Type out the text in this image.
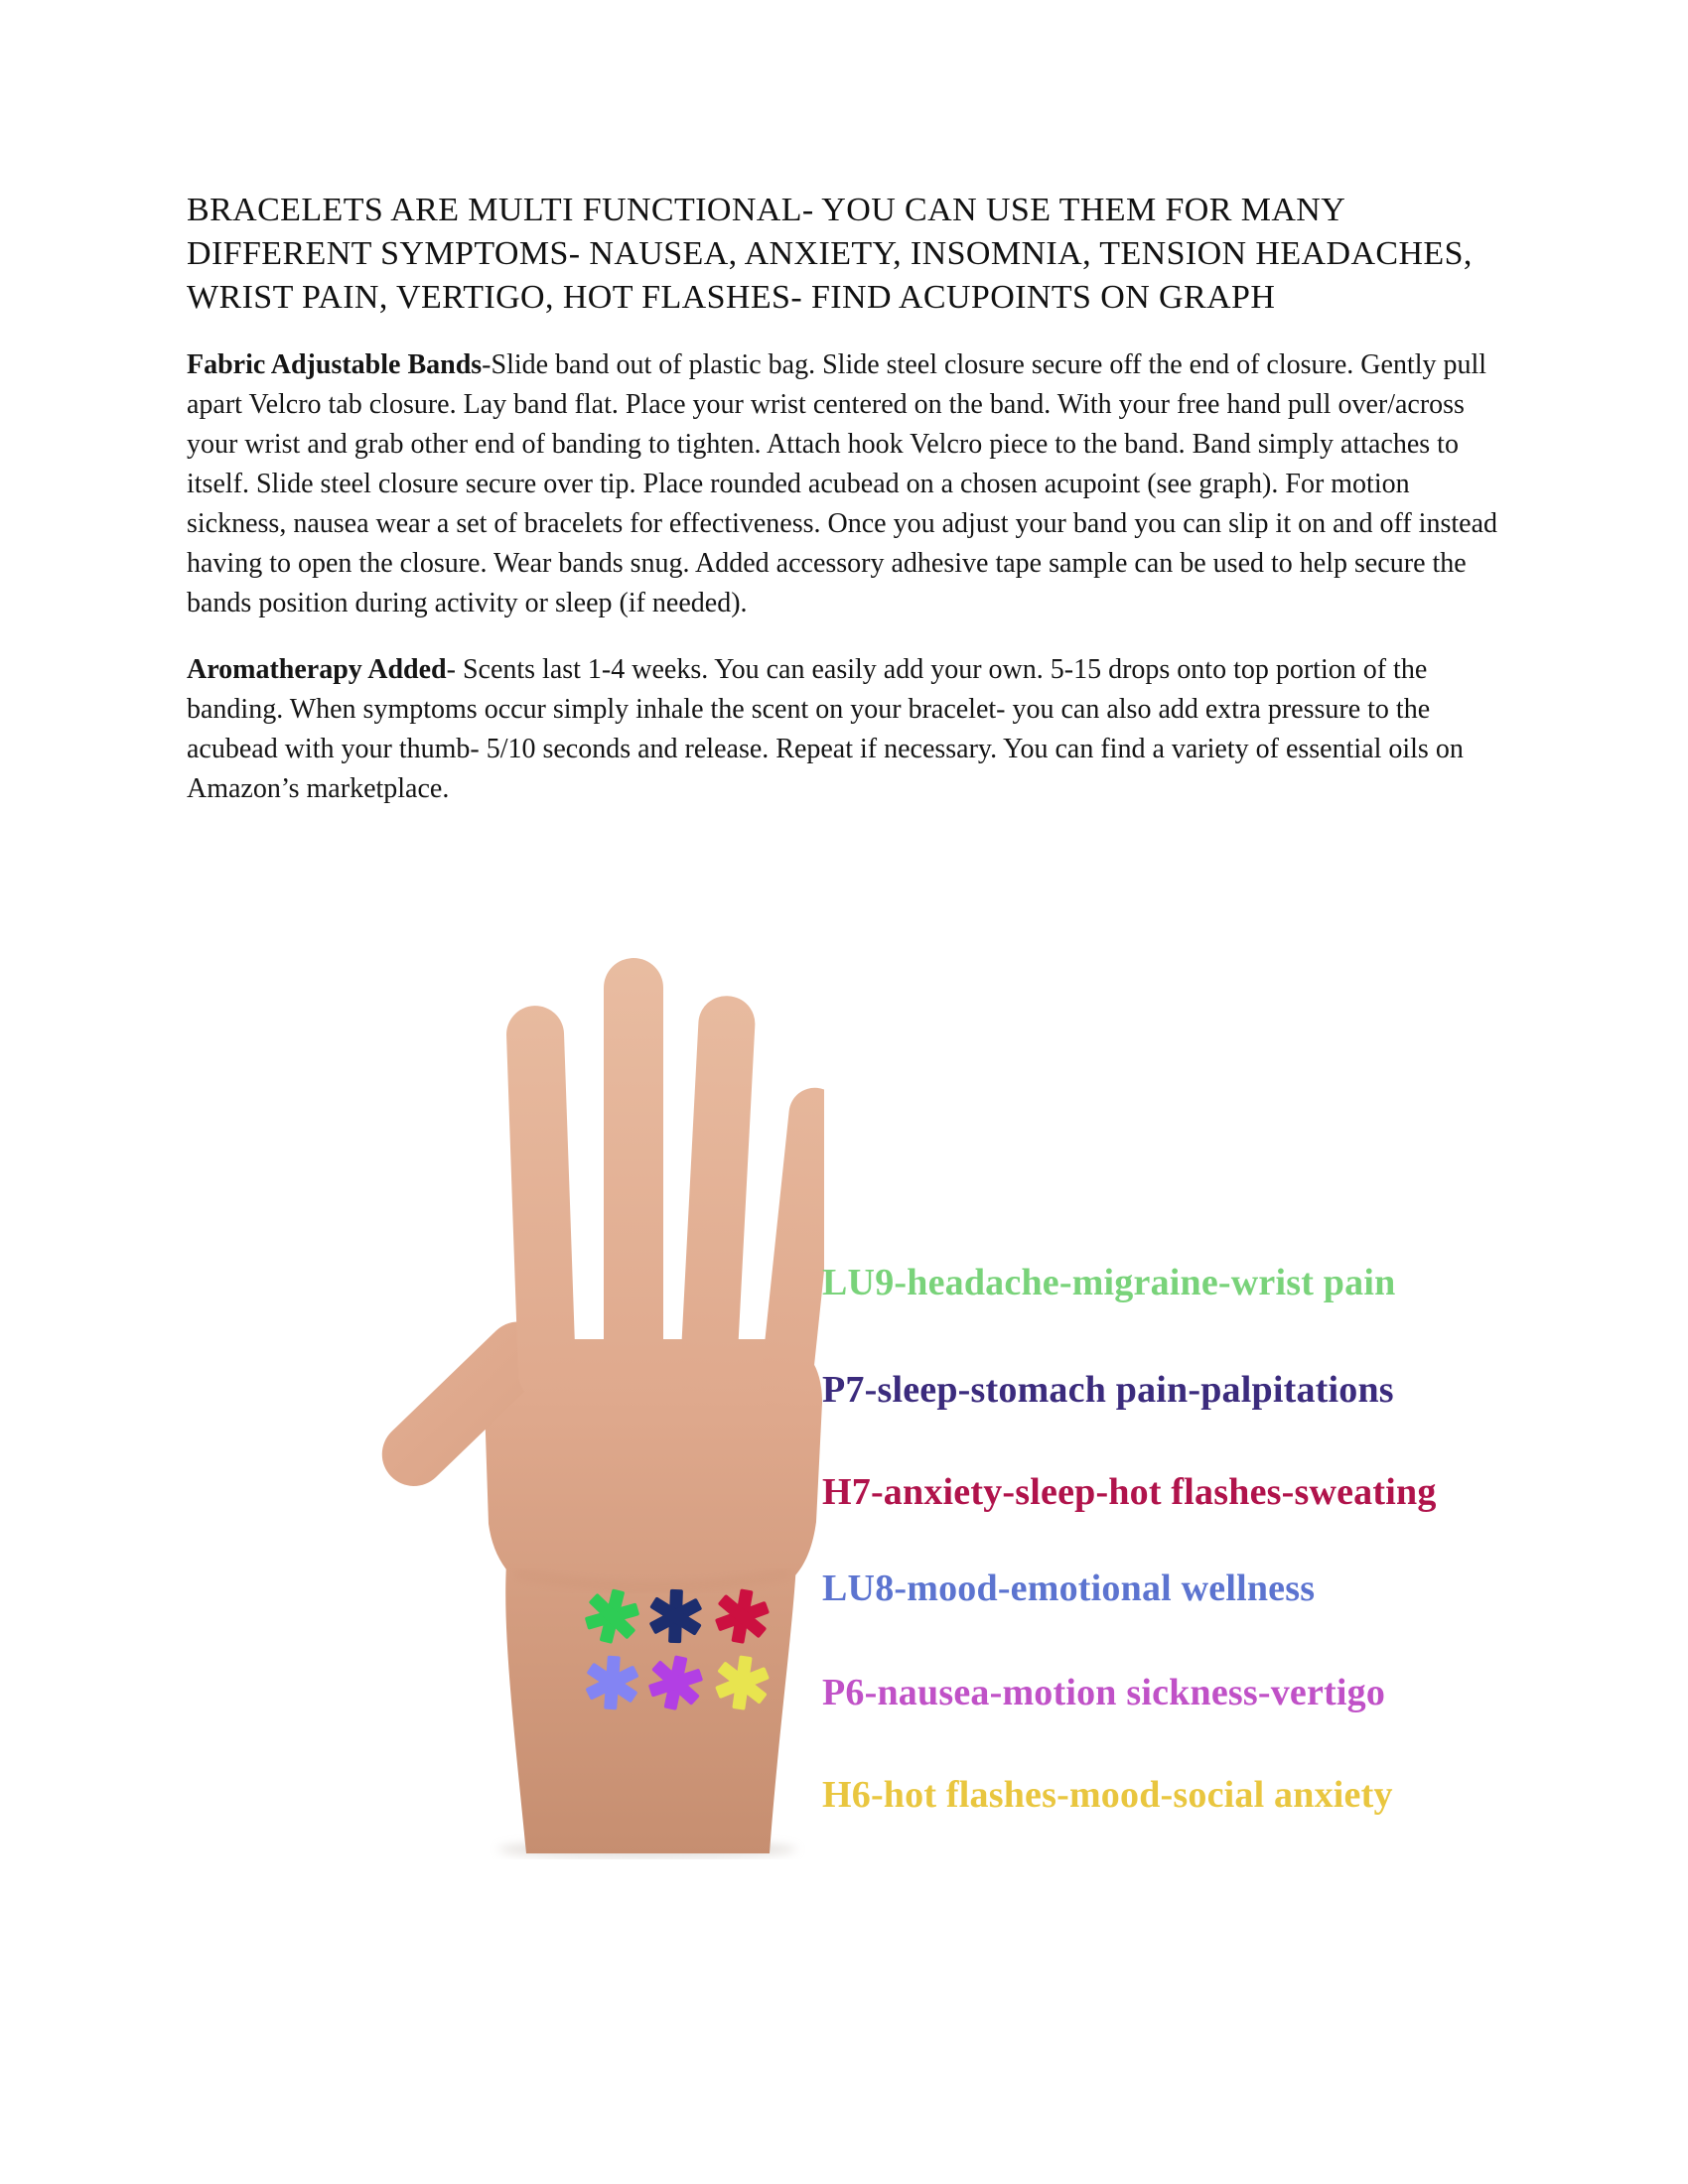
BRACELETS ARE MULTI FUNCTIONAL- YOU CAN USE THEM FOR MANY DIFFERENT SYMPTOMS- NAUSEA, ANXIETY, INSOMNIA, TENSION HEADACHES, WRIST PAIN, VERTIGO, HOT FLASHES- FIND ACUPOINTS ON GRAPH

Fabric Adjustable Bands-Slide band out of plastic bag. Slide steel closure secure off the end of closure. Gently pull apart Velcro tab closure. Lay band flat. Place your wrist centered on the band. With your free hand pull over/across your wrist and grab other end of banding to tighten. Attach hook Velcro piece to the band. Band simply attaches to itself. Slide steel closure secure over tip. Place rounded acubead on a chosen acupoint (see graph). For motion sickness, nausea wear a set of bracelets for effectiveness. Once you adjust your band you can slip it on and off instead having to open the closure. Wear bands snug. Added accessory adhesive tape sample can be used to help secure the bands position during activity or sleep (if needed).

Aromatherapy Added- Scents last 1-4 weeks. You can easily add your own. 5-15 drops onto top portion of the banding. When symptoms occur simply inhale the scent on your bracelet- you can also add extra pressure to the acubead with your thumb- 5/10 seconds and release. Repeat if necessary. You can find a variety of essential oils on Amazon’s marketplace.

LU9-headache-migraine-wrist pain
P7-sleep-stomach pain-palpitations
H7-anxiety-sleep-hot flashes-sweating
LU8-mood-emotional wellness
P6-nausea-motion sickness-vertigo
H6-hot flashes-mood-social anxiety
